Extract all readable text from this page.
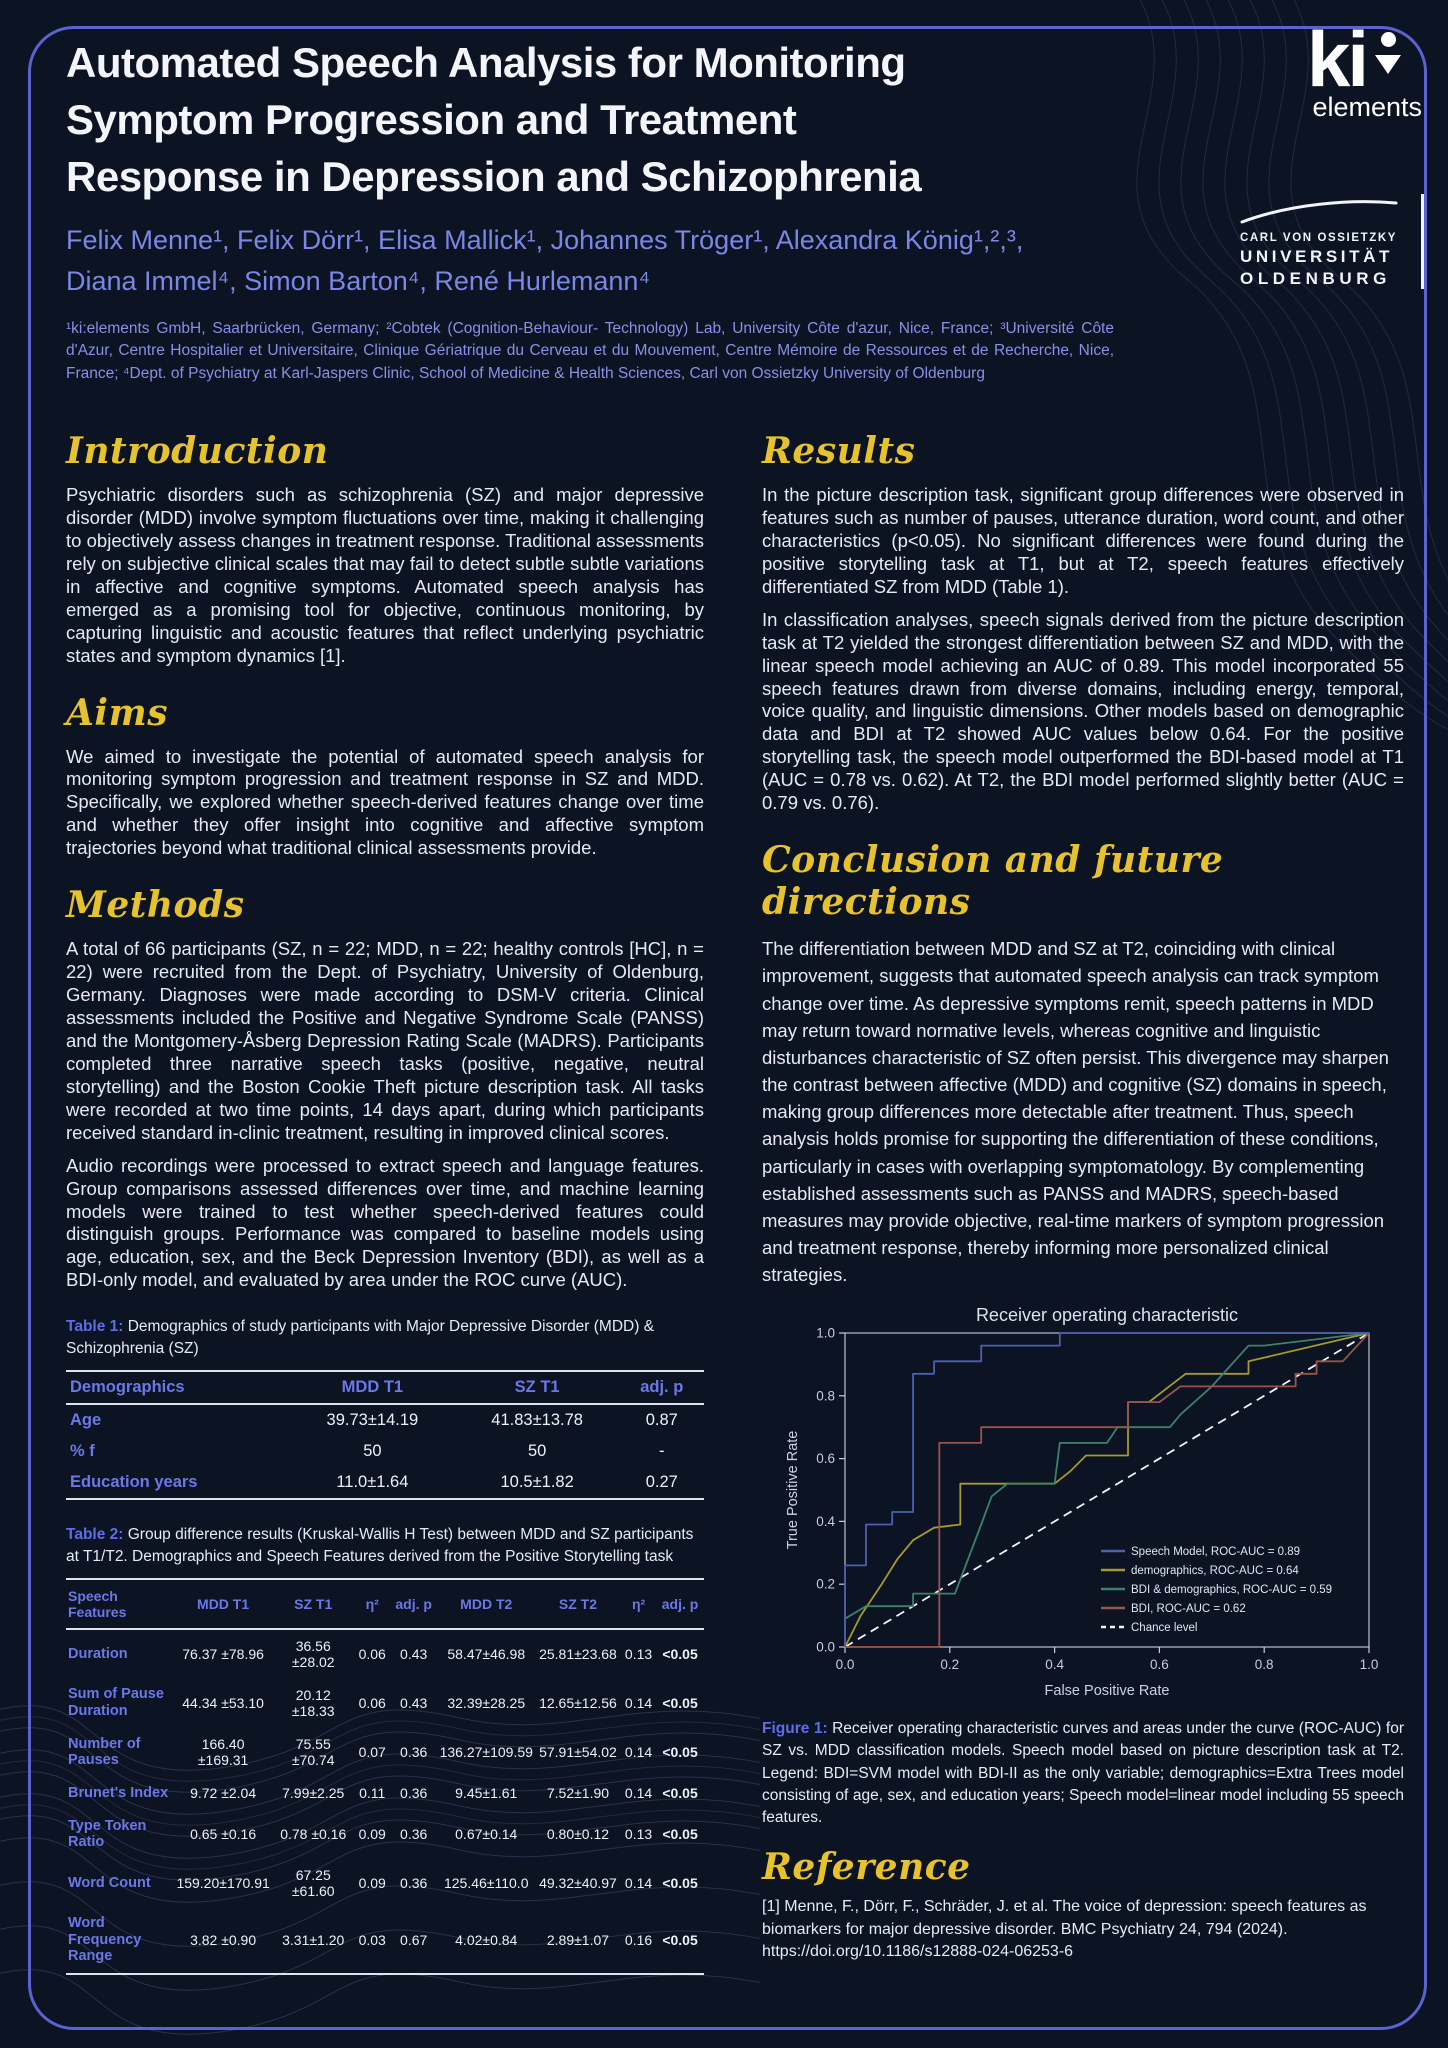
Automated Speech Analysis for Monitoring Symptom Progression and Treatment Response in Depression and Schizophrenia
ki
elements
CARL VON OSSIETZKY
UNIVERSITÄT
OLDENBURG
Felix Menne¹, Felix Dörr¹, Elisa Mallick¹, Johannes Tröger¹, Alexandra König¹,²,³,
Diana Immel⁴, Simon Barton⁴, René Hurlemann⁴

¹ki:elements GmbH, Saarbrücken, Germany; ²Cobtek (Cognition-Behaviour- Technology) Lab, University Côte d'azur, Nice, France; ³Université Côte d'Azur, Centre Hospitalier et Universitaire, Clinique Gériatrique du Cerveau et du Mouvement, Centre Mémoire de Ressources et de Recherche, Nice, France; ⁴Dept. of Psychiatry at Karl-Jaspers Clinic, School of Medicine & Health Sciences, Carl von Ossietzky University of Oldenburg

Introduction

Psychiatric disorders such as schizophrenia (SZ) and major depressive disorder (MDD) involve symptom fluctuations over time, making it challenging to objectively assess changes in treatment response. Traditional assessments rely on subjective clinical scales that may fail to detect subtle subtle variations in affective and cognitive symptoms. Automated speech analysis has emerged as a promising tool for objective, continuous monitoring, by capturing linguistic and acoustic features that reflect underlying psychiatric states and symptom dynamics [1].

Aims

We aimed to investigate the potential of automated speech analysis for monitoring symptom progression and treatment response in SZ and MDD. Specifically, we explored whether speech-derived features change over time and whether they offer insight into cognitive and affective symptom trajectories beyond what traditional clinical assessments provide.

Methods

A total of 66 participants (SZ, n = 22; MDD, n = 22; healthy controls [HC], n = 22) were recruited from the Dept. of Psychiatry, University of Oldenburg, Germany. Diagnoses were made according to DSM-V criteria. Clinical assessments included the Positive and Negative Syndrome Scale (PANSS) and the Montgomery-Åsberg Depression Rating Scale (MADRS). Participants completed three narrative speech tasks (positive, negative, neutral storytelling) and the Boston Cookie Theft picture description task. All tasks were recorded at two time points, 14 days apart, during which participants received standard in-clinic treatment, resulting in improved clinical scores.

Audio recordings were processed to extract speech and language features. Group comparisons assessed differences over time, and machine learning models were trained to test whether speech-derived features could distinguish groups. Performance was compared to baseline models using age, education, sex, and the Beck Depression Inventory (BDI), as well as a BDI-only model, and evaluated by area under the ROC curve (AUC).

Table 1: Demographics of study participants with Major Depressive Disorder (MDD) & Schizophrenia (SZ)

Demographics	MDD T1	SZ T1	adj. p
Age	39.73±14.19	41.83±13.78	0.87
% f	50	50	-
Education years	11.0±1.64	10.5±1.82	0.27

Table 2: Group difference results (Kruskal-Wallis H Test) between MDD and SZ participants at T1/T2. Demographics and Speech Features derived from the Positive Storytelling task

Speech Features	MDD T1	SZ T1	η²	adj. p	MDD T2	SZ T2	η²	adj. p
Duration	76.37 ±78.96	36.56 ±28.02	0.06	0.43	58.47±46.98	25.81±23.68	0.13	<0.05
Sum of Pause Duration	44.34 ±53.10	20.12 ±18.33	0.06	0.43	32.39±28.25	12.65±12.56	0.14	<0.05
Number of Pauses	166.40 ±169.31	75.55 ±70.74	0.07	0.36	136.27±109.59	57.91±54.02	0.14	<0.05
Brunet's Index	9.72 ±2.04	7.99±2.25	0.11	0.36	9.45±1.61	7.52±1.90	0.14	<0.05
Type Token Ratio	0.65 ±0.16	0.78 ±0.16	0.09	0.36	0.67±0.14	0.80±0.12	0.13	<0.05
Word Count	159.20±170.91	67.25 ±61.60	0.09	0.36	125.46±110.0	49.32±40.97	0.14	<0.05
Word Frequency Range	3.82 ±0.90	3.31±1.20	0.03	0.67	4.02±0.84	2.89±1.07	0.16	<0.05
Results

In the picture description task, significant group differences were observed in features such as number of pauses, utterance duration, word count, and other characteristics (p<0.05). No significant differences were found during the positive storytelling task at T1, but at T2, speech features effectively differentiated SZ from MDD (Table 1).

In classification analyses, speech signals derived from the picture description task at T2 yielded the strongest differentiation between SZ and MDD, with the linear speech model achieving an AUC of 0.89. This model incorporated 55 speech features drawn from diverse domains, including energy, temporal, voice quality, and linguistic dimensions. Other models based on demographic data and BDI at T2 showed AUC values below 0.64. For the positive storytelling task, the speech model outperformed the BDI-based model at T1 (AUC = 0.78 vs. 0.62). At T2, the BDI model performed slightly better (AUC = 0.79 vs. 0.76).

Conclusion and future directions

The differentiation between MDD and SZ at T2, coinciding with clinical improvement, suggests that automated speech analysis can track symptom change over time. As depressive symptoms remit, speech patterns in MDD may return toward normative levels, whereas cognitive and linguistic disturbances characteristic of SZ often persist. This divergence may sharpen the contrast between affective (MDD) and cognitive (SZ) domains in speech, making group differences more detectable after treatment. Thus, speech analysis holds promise for supporting the differentiation of these conditions, particularly in cases with overlapping symptomatology. By complementing established assessments such as PANSS and MADRS, speech-based measures may provide objective, real-time markers of symptom progression and treatment response, thereby informing more personalized clinical strategies.

Receiver operating characteristic
0.0	0.2	0.4	0.6	0.8	1.0
0.0
0.2
0.4
0.6
0.8
1.0
False Positive Rate
True Positive Rate
Speech Model, ROC-AUC = 0.89
demographics, ROC-AUC = 0.64
BDI & demographics, ROC-AUC = 0.59
BDI, ROC-AUC = 0.62
Chance level

Figure 1: Receiver operating characteristic curves and areas under the curve (ROC-AUC) for SZ vs. MDD classification models. Speech model based on picture description task at T2. Legend: BDI=SVM model with BDI-II as the only variable; demographics=Extra Trees model consisting of age, sex, and education years; Speech model=linear model including 55 speech features.

Reference

[1] Menne, F., Dörr, F., Schräder, J. et al. The voice of depression: speech features as biomarkers for major depressive disorder. BMC Psychiatry 24, 794 (2024). https://doi.org/10.1186/s12888-024-06253-6
